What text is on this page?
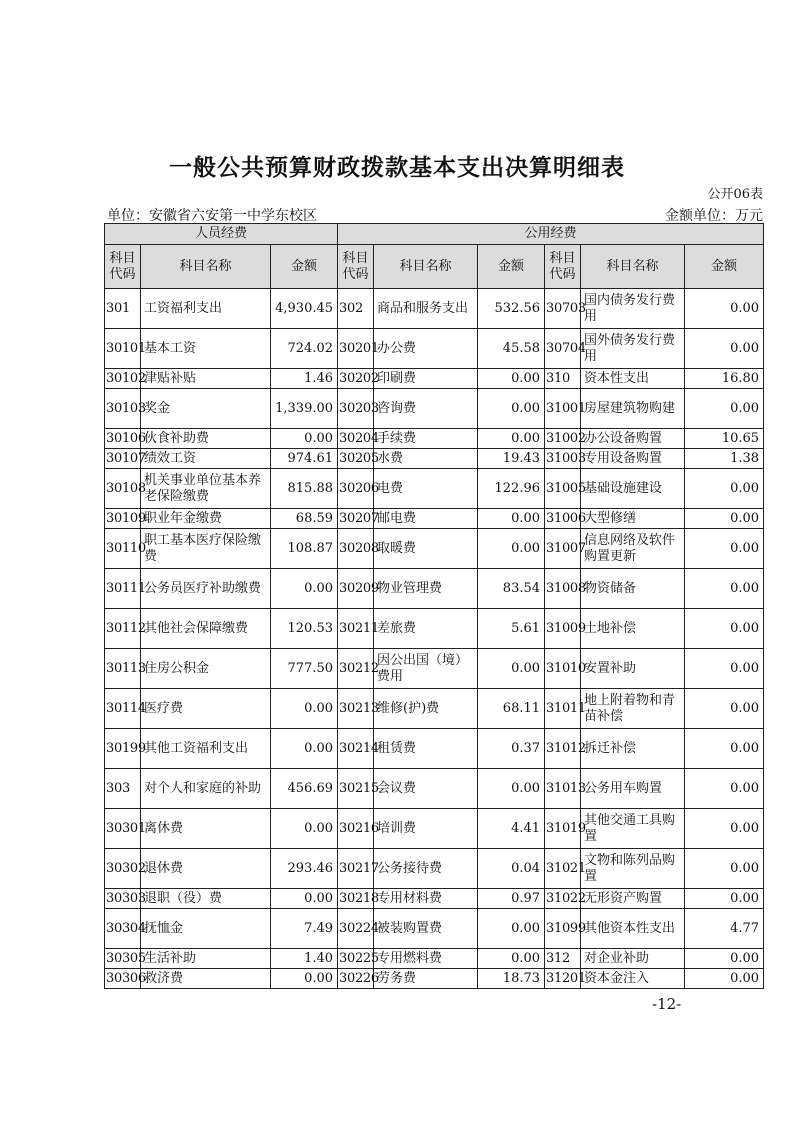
一般公共预算财政拨款基本支出决算明细表
公开06表
单位：安徽省六安第一中学东校区	金额单位：万元
人员经费			公用经费					
科目代码	科目名称	金额	科目代码	科目名称	金额	科目代码	科目名称	金额
301	工资福利支出	4,930.45	302	商品和服务支出	532.56	30703	国内债务发行费用	0.00
30101	基本工资	724.02	30201	办公费	45.58	30704	国外债务发行费用	0.00
30102	津贴补贴	1.46	30202	印刷费	0.00	310	资本性支出	16.80
30103	奖金	1,339.00	30203	咨询费	0.00	31001	房屋建筑物购建	0.00
30106	伙食补助费	0.00	30204	手续费	0.00	31002	办公设备购置	10.65
30107	绩效工资	974.61	30205	水费	19.43	31003	专用设备购置	1.38
30108	机关事业单位基本养老保险缴费	815.88	30206	电费	122.96	31005	基础设施建设	0.00
30109	职业年金缴费	68.59	30207	邮电费	0.00	31006	大型修缮	0.00
30110	职工基本医疗保险缴费	108.87	30208	取暖费	0.00	31007	信息网络及软件购置更新	0.00
30111	公务员医疗补助缴费	0.00	30209	物业管理费	83.54	31008	物资储备	0.00
30112	其他社会保障缴费	120.53	30211	差旅费	5.61	31009	土地补偿	0.00
30113	住房公积金	777.50	30212	因公出国（境）费用	0.00	31010	安置补助	0.00
30114	医疗费	0.00	30213	维修(护)费	68.11	31011	地上附着物和青苗补偿	0.00
30199	其他工资福利支出	0.00	30214	租赁费	0.37	31012	拆迁补偿	0.00
303	对个人和家庭的补助	456.69	30215	会议费	0.00	31013	公务用车购置	0.00
30301	离休费	0.00	30216	培训费	4.41	31019	其他交通工具购置	0.00
30302	退休费	293.46	30217	公务接待费	0.04	31021	文物和陈列品购置	0.00
30303	退职（役）费	0.00	30218	专用材料费	0.97	31022	无形资产购置	0.00
30304	抚恤金	7.49	30224	被装购置费	0.00	31099	其他资本性支出	4.77
30305	生活补助	1.40	30225	专用燃料费	0.00	312	对企业补助	0.00
30306	救济费	0.00	30226	劳务费	18.73	31201	资本金注入	0.00
-12-
